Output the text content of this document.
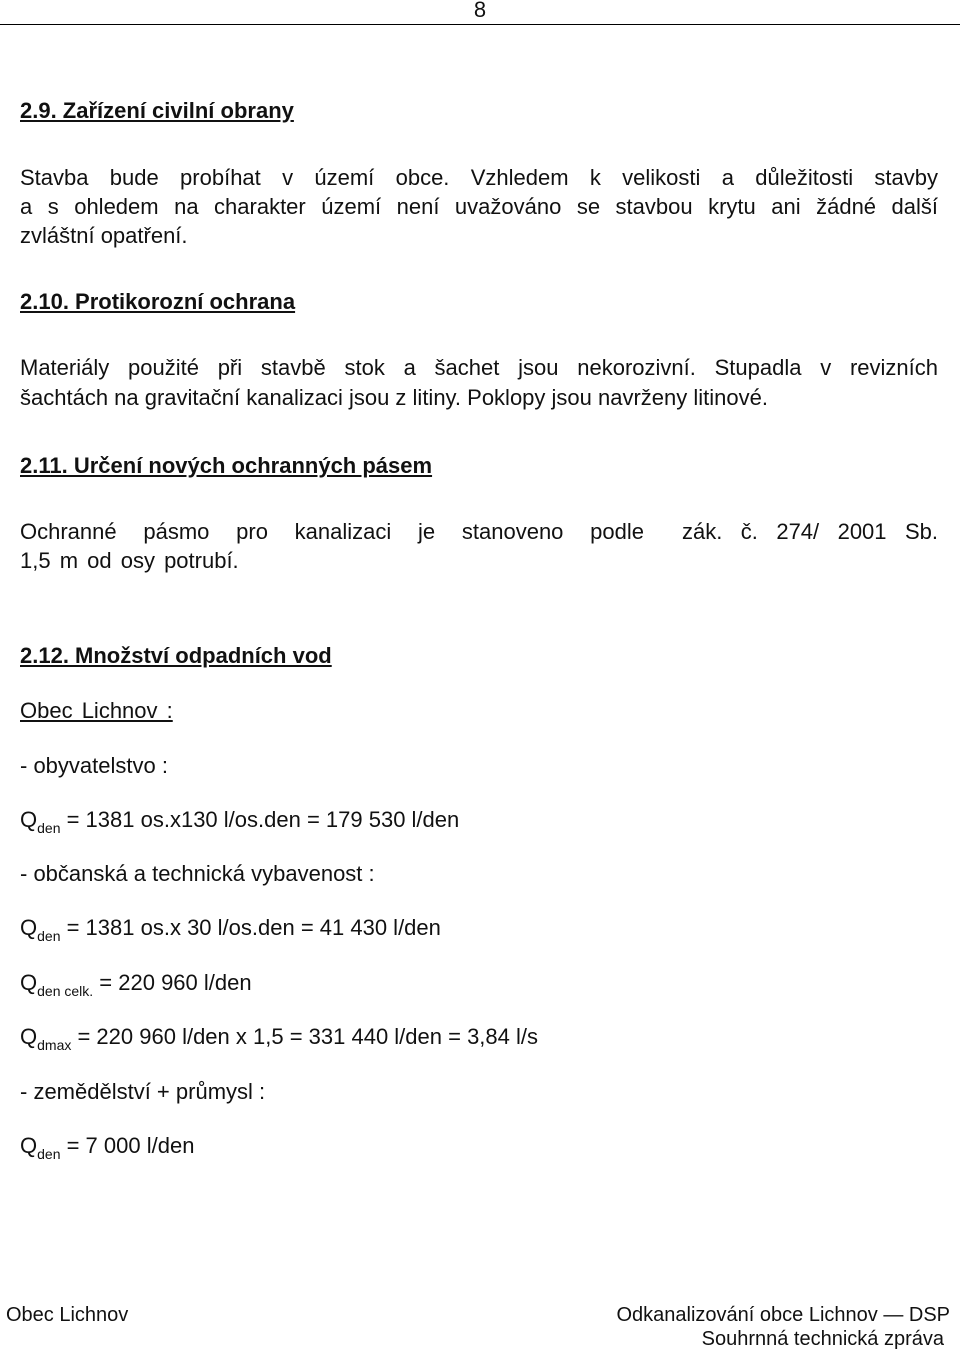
8
2.9. Zařízení civilní obrany
Stavba bude probíhat v území obce. Vzhledem k velikosti a důležitosti stavby
a s ohledem na charakter území není uvažováno se stavbou krytu ani žádné další
zvláštní opatření.
2.10. Protikorozní ochrana
Materiály použité při stavbě stok a šachet jsou nekorozivní. Stupadla v revizních
šachtách na gravitační kanalizaci jsou z litiny. Poklopy jsou navrženy litinové.
2.11. Určení nových ochranných pásem
Ochranné pásmo pro kanalizaci je stanoveno podle zák. č. 274/ 2001 Sb.
1,5 m od osy potrubí.
2.12. Množství odpadních vod
Obec Lichnov :
- obyvatelstvo :
$Q_{den} = 1381$ os.x130 l/os.den = 179 530 l/den
- občanská a technická vybavenost :
$Q_{den} = 1381$ os.x 30 l/os.den = 41 430 l/den
$Q_{den celk.} = 220$ 960 l/den
$Q_{dmax} = 220$ 960 l/den x 1,5 = 331 440 l/den = 3,84 l/s
- zemědělství + průmysl :
$Q_{den} = 7$ 000 l/den
Obec Lichnov	Odkanalizování obce Lichnov — DSP
Souhrnná technická zpráva
